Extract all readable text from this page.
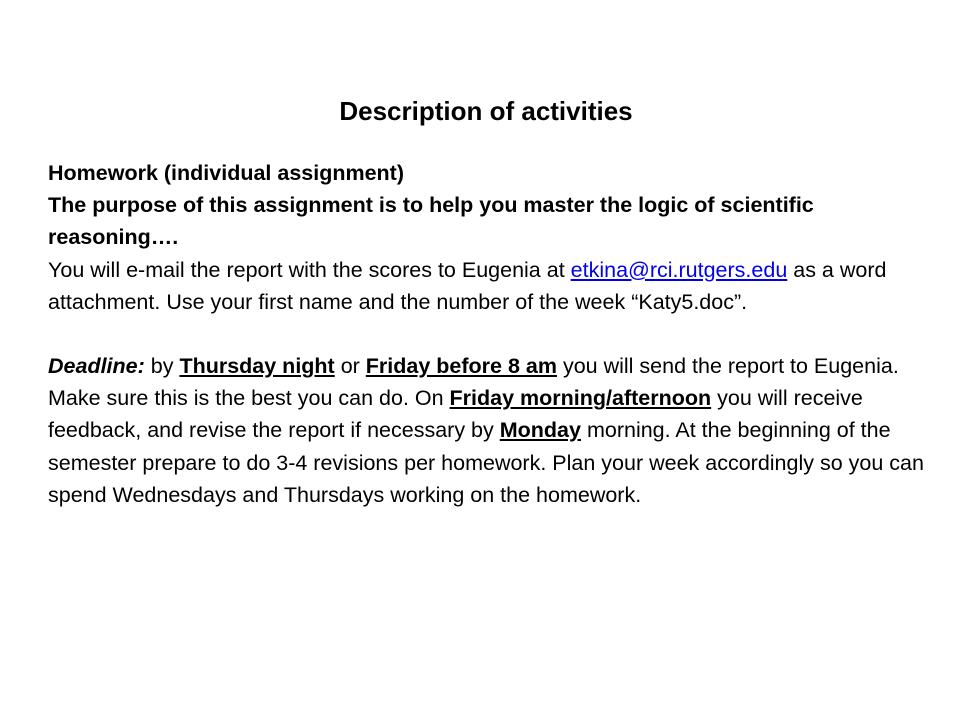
Description of activities
Homework (individual assignment)
The purpose of this assignment is to help you master the logic of scientific reasoning….
You will e-mail the report with the scores to Eugenia at etkina@rci.rutgers.edu as a word attachment. Use your first name and the number of the week “Katy5.doc”.
Deadline: by Thursday night or Friday before 8 am you will send the report to Eugenia. Make sure this is the best you can do. On Friday morning/afternoon you will receive feedback, and revise the report if necessary by Monday morning. At the beginning of the semester prepare to do 3-4 revisions per homework. Plan your week accordingly so you can spend Wednesdays and Thursdays working on the homework.
